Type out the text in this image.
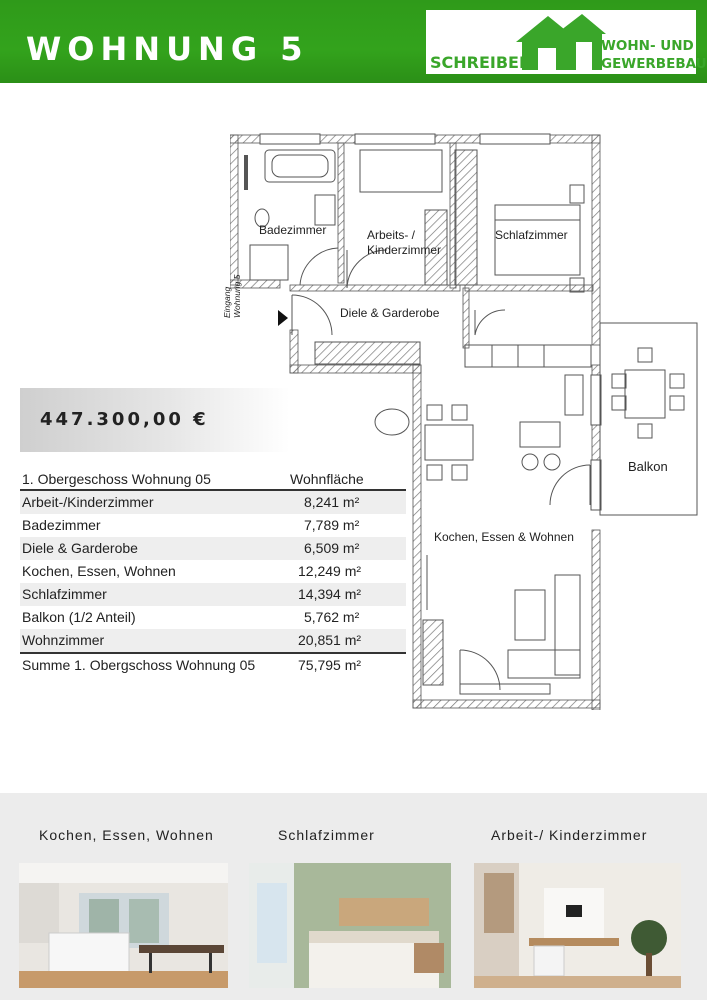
WOHNUNG 5	SCHREIBER
WOHN- UND
GEWERBEBAU
Badezimmer	Arbeits- /
Kinderzimmer
Schlafzimmer
Diele & Garderobe
Kochen, Essen & Wohnen
Balkon
Eingang Wohnung 5
447.300,00 €
1. Obergeschoss Wohnung 05	Wohnfläche
Arbeit-/Kinderzimmer	8,241 m²
Badezimmer	7,789 m²
Diele & Garderobe	6,509 m²
Kochen, Essen, Wohnen	12,249 m²
Schlafzimmer	14,394 m²
Balkon (1/2 Anteil)	5,762 m²
Wohnzimmer	20,851 m²
Summe 1. Obergschoss Wohnung 05	75,795 m²
Kochen, Essen, Wohnen	Schlafzimmer	Arbeit-/ Kinderzimmer
